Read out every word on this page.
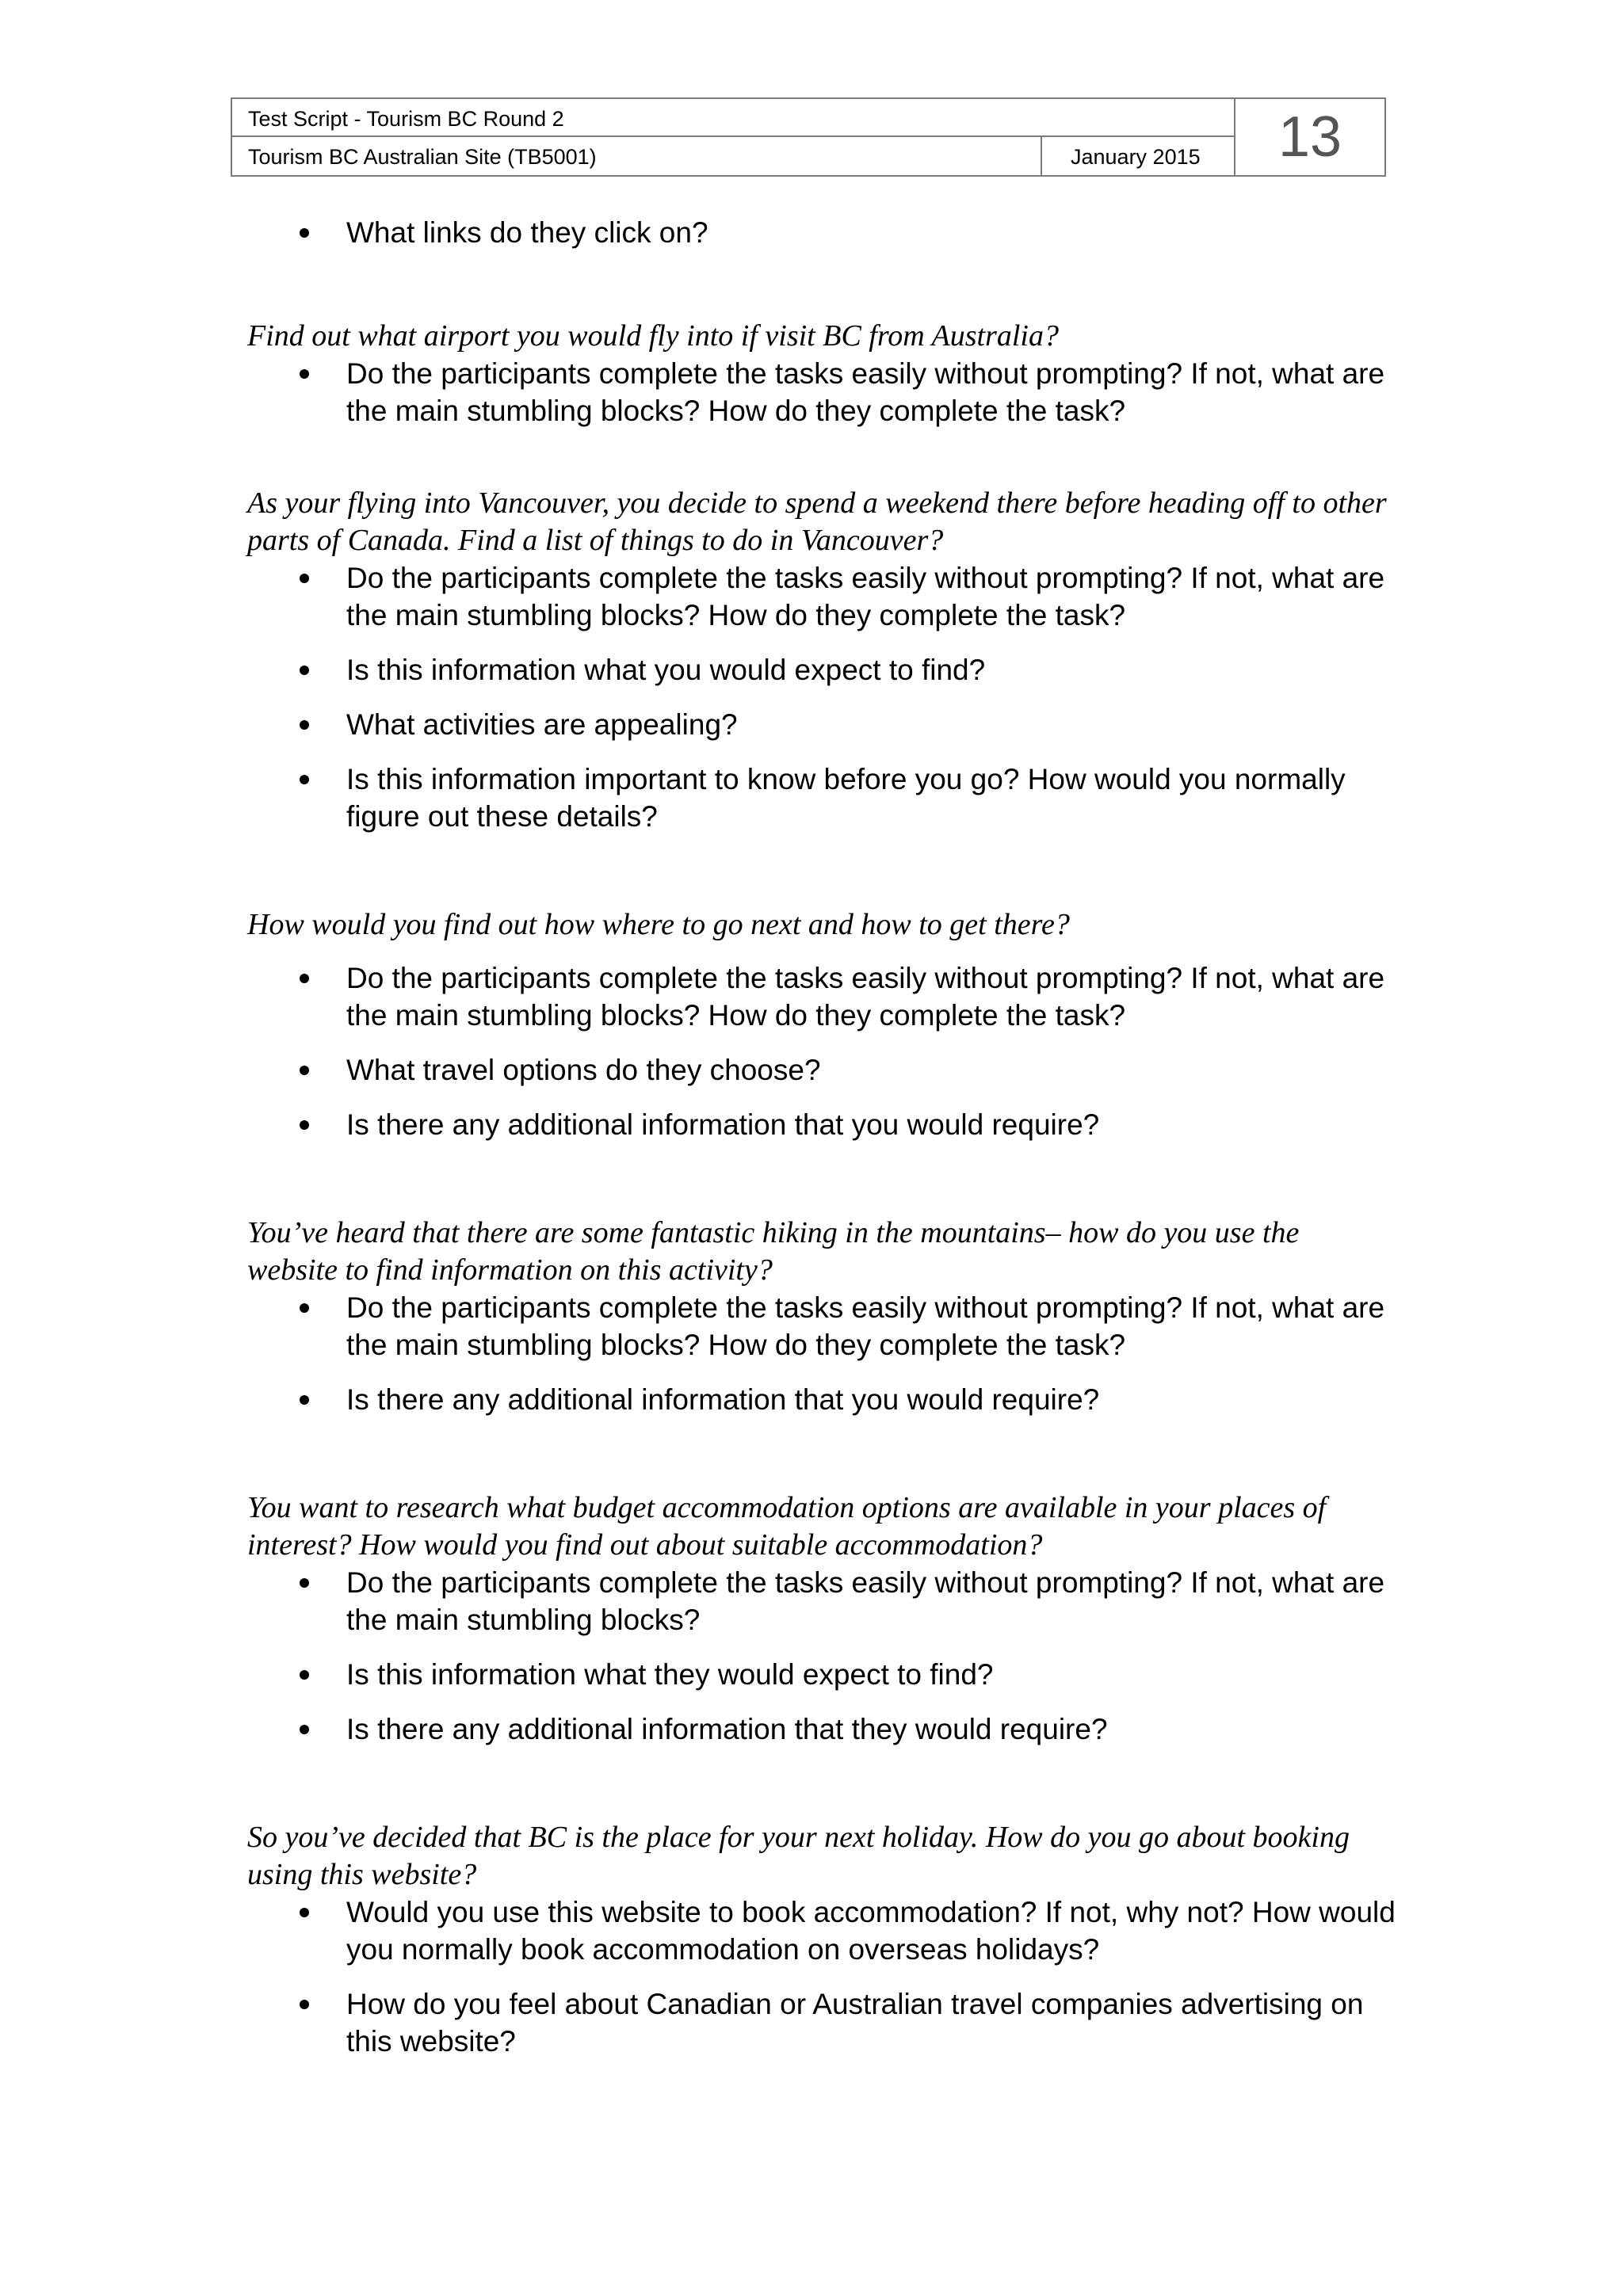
Test Script - Tourism BC Round 2
Tourism BC Australian Site (TB5001)	January 2015	13
What links do they click on?

Find out what airport you would fly into if visit BC from Australia?

Do the participants complete the tasks easily without prompting? If not, what are the main stumbling blocks? How do they complete the task?

As your flying into Vancouver, you decide to spend a weekend there before heading off to other parts of Canada. Find a list of things to do in Vancouver?

Do the participants complete the tasks easily without prompting? If not, what are the main stumbling blocks? How do they complete the task?
Is this information what you would expect to find?
What activities are appealing?
Is this information important to know before you go? How would you normally figure out these details?

How would you find out how where to go next and how to get there?

Do the participants complete the tasks easily without prompting? If not, what are the main stumbling blocks? How do they complete the task?
What travel options do they choose?
Is there any additional information that you would require?

You’ve heard that there are some fantastic hiking in the mountains– how do you use the website to find information on this activity?

Do the participants complete the tasks easily without prompting? If not, what are the main stumbling blocks? How do they complete the task?
Is there any additional information that you would require?

You want to research what budget accommodation options are available in your places of interest? How would you find out about suitable accommodation?

Do the participants complete the tasks easily without prompting? If not, what are the main stumbling blocks?
Is this information what they would expect to find?
Is there any additional information that they would require?

So you’ve decided that BC is the place for your next holiday. How do you go about booking using this website?

Would you use this website to book accommodation? If not, why not? How would you normally book accommodation on overseas holidays?
How do you feel about Canadian or Australian travel companies advertising on this website?
